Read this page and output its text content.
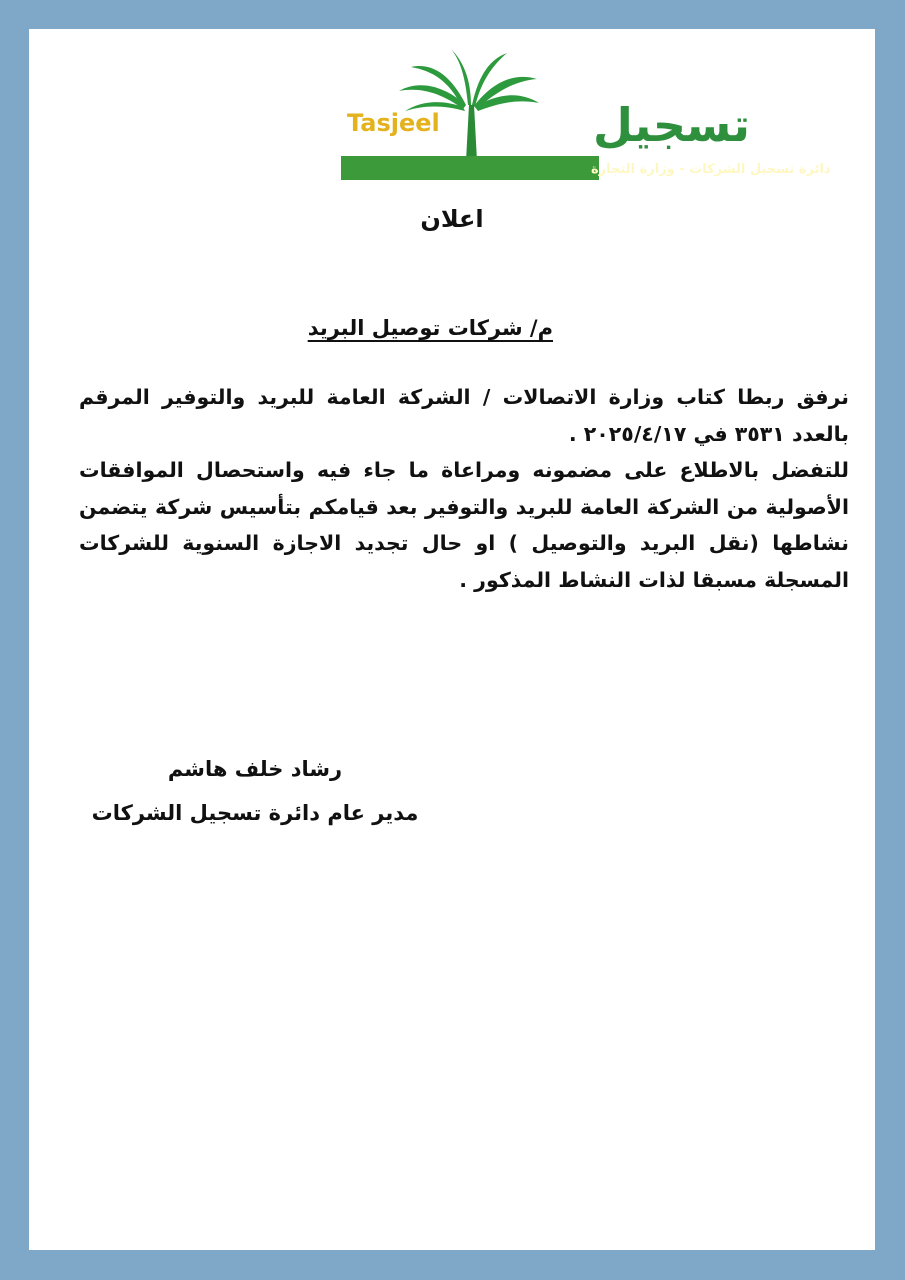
Tasjeel	تسجيل
دائرة تسجيل الشركات - وزارة التجارة
اعلان
م/ شركات توصيل البريد

نرفق ربطا كتاب وزارة الاتصالات / الشركة العامة للبريد والتوفير المرقم بالعدد ٣٥٣١ في ٢٠٢٥/٤/١٧ .

للتفضل بالاطلاع على مضمونه ومراعاة ما جاء فيه واستحصال الموافقات الأصولية من الشركة العامة للبريد والتوفير بعد قيامكم بتأسيس شركة يتضمن نشاطها (نقل البريد والتوصيل ) او حال تجديد الاجازة السنوية للشركات المسجلة مسبقا لذات النشاط المذكور .

رشاد خلف هاشم
مدير عام دائرة تسجيل الشركات
